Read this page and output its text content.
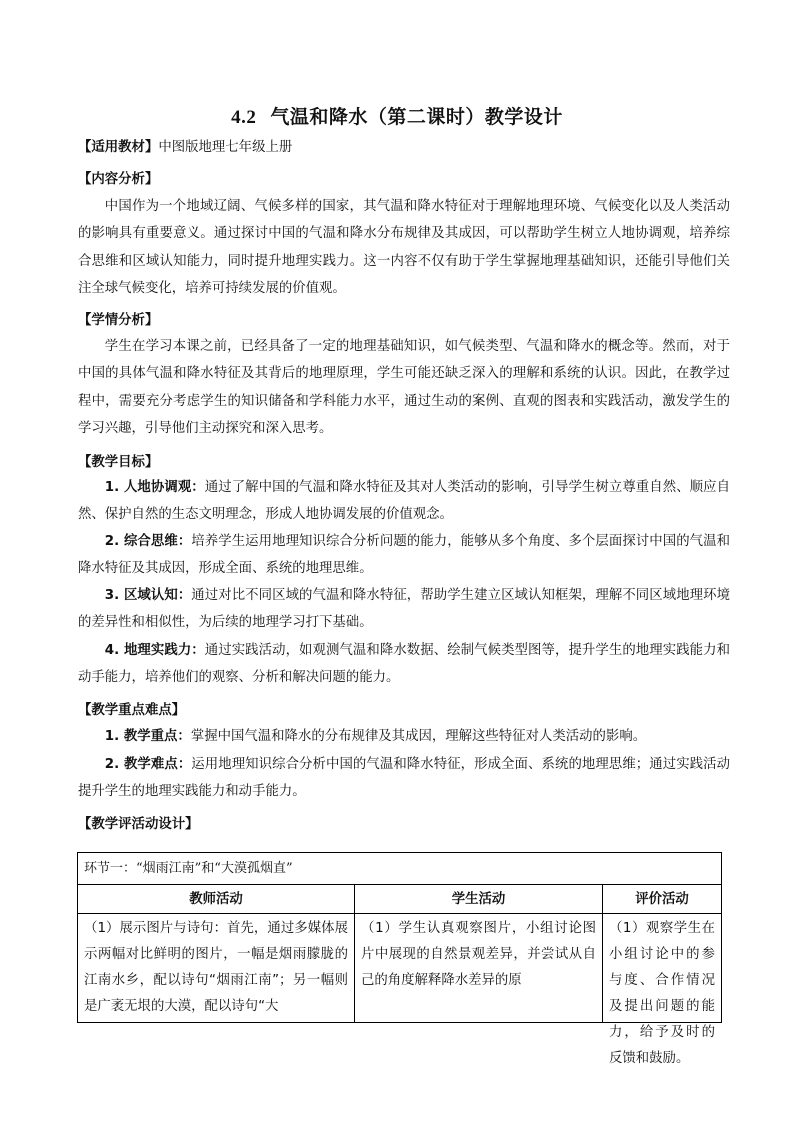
4.2 气温和降水（第二课时）教学设计
【适用教材】中图版地理七年级上册
【内容分析】
中国作为一个地域辽阔、气候多样的国家，其气温和降水特征对于理解地理环境、气候变化以及人类活动的影响具有重要意义。通过探讨中国的气温和降水分布规律及其成因，可以帮助学生树立人地协调观，培养综合思维和区域认知能力，同时提升地理实践力。这一内容不仅有助于学生掌握地理基础知识，还能引导他们关注全球气候变化，培养可持续发展的价值观。
【学情分析】
学生在学习本课之前，已经具备了一定的地理基础知识，如气候类型、气温和降水的概念等。然而，对于中国的具体气温和降水特征及其背后的地理原理，学生可能还缺乏深入的理解和系统的认识。因此，在教学过程中，需要充分考虑学生的知识储备和学科能力水平，通过生动的案例、直观的图表和实践活动，激发学生的学习兴趣，引导他们主动探究和深入思考。
【教学目标】
1. 人地协调观：通过了解中国的气温和降水特征及其对人类活动的影响，引导学生树立尊重自然、顺应自然、保护自然的生态文明理念，形成人地协调发展的价值观念。
2. 综合思维：培养学生运用地理知识综合分析问题的能力，能够从多个角度、多个层面探讨中国的气温和降水特征及其成因，形成全面、系统的地理思维。
3. 区域认知：通过对比不同区域的气温和降水特征，帮助学生建立区域认知框架，理解不同区域地理环境的差异性和相似性，为后续的地理学习打下基础。
4. 地理实践力：通过实践活动，如观测气温和降水数据、绘制气候类型图等，提升学生的地理实践能力和动手能力，培养他们的观察、分析和解决问题的能力。
【教学重点难点】
1. 教学重点：掌握中国气温和降水的分布规律及其成因，理解这些特征对人类活动的影响。
2. 教学难点：运用地理知识综合分析中国的气温和降水特征，形成全面、系统的地理思维；通过实践活动提升学生的地理实践能力和动手能力。
【教学评活动设计】
环节一：“烟雨江南”和“大漠孤烟直”
教师活动	学生活动	评价活动
（1）展示图片与诗句：首先，通过多媒体展示两幅对比鲜明的图片，一幅是烟雨朦胧的江南水乡，配以诗句“烟雨江南”；另一幅则是广袤无垠的大漠，配以诗句“大
（1）学生认真观察图片，小组讨论图片中展现的自然景观差异，并尝试从自己的角度解释降水差异的原
（1）观察学生在小组讨论中的参与度、合作情况及提出问题的能力，给予及时的反馈和鼓励。
